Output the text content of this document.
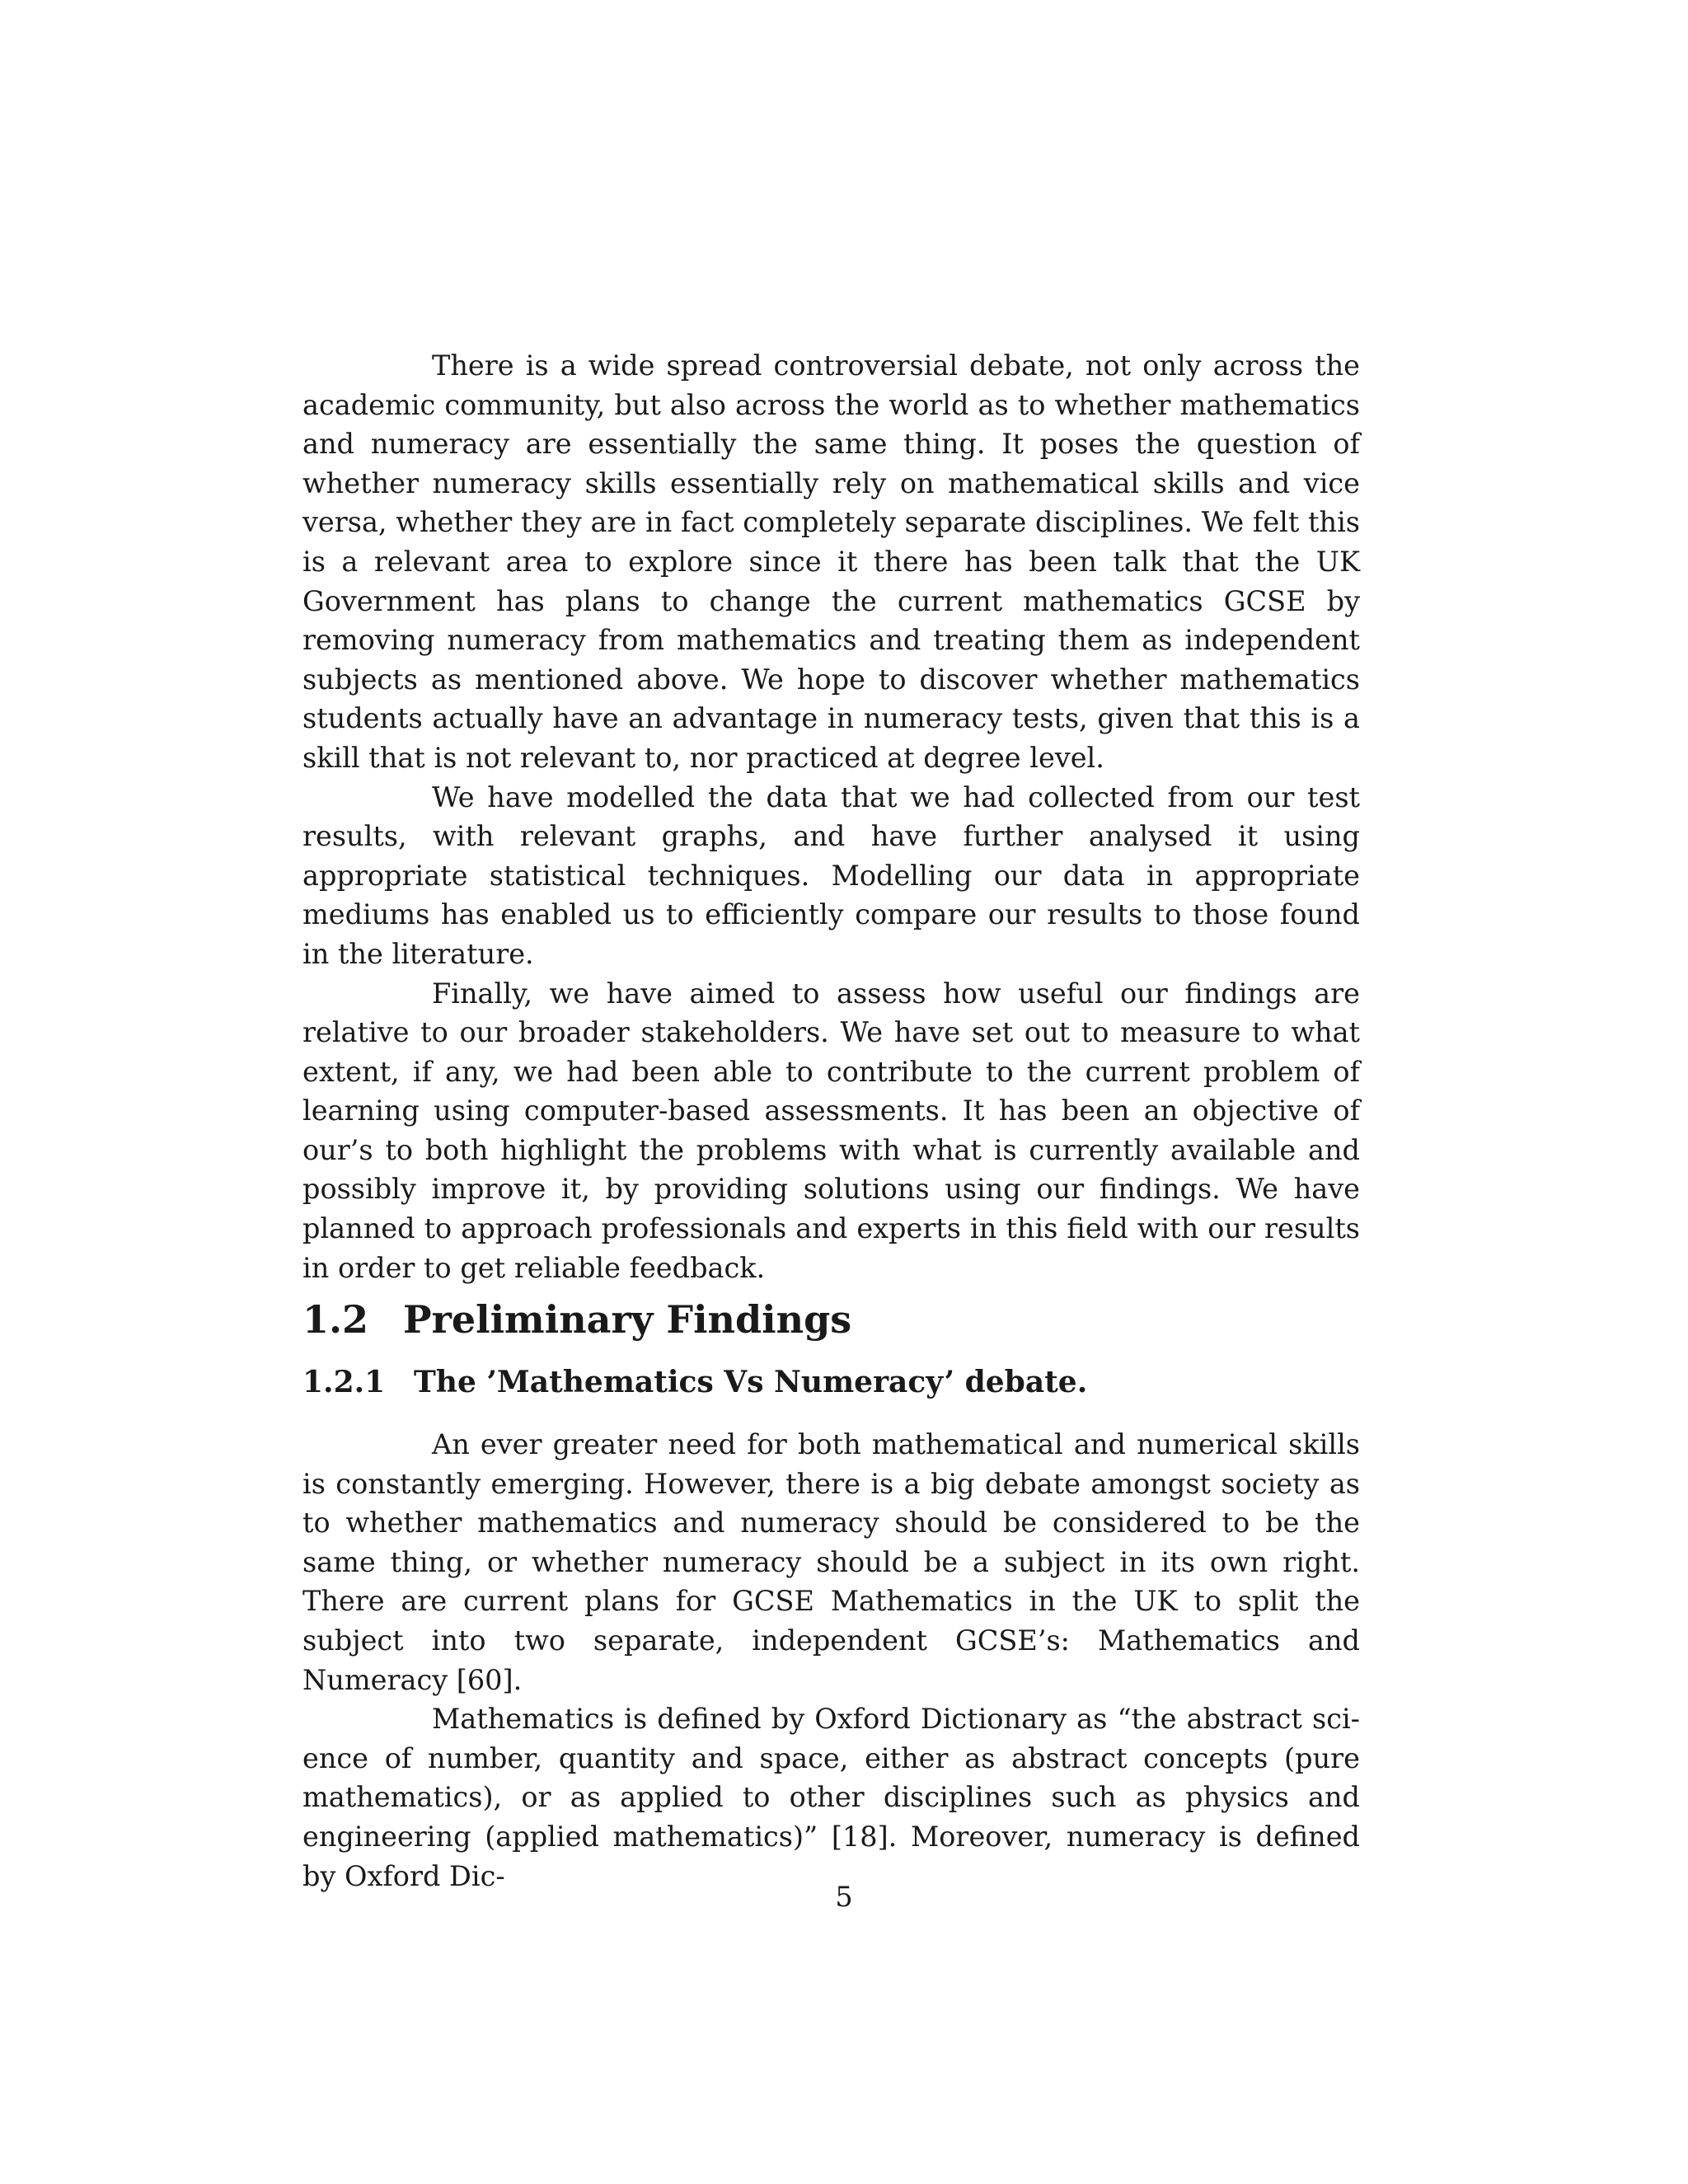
There is a wide spread controversial debate, not only across the academic community, but also across the world as to whether mathematics and numeracy are essentially the same thing. It poses the question of whether numeracy skills essentially rely on mathematical skills and vice versa, whether they are in fact completely separate disciplines. We felt this is a relevant area to explore since it there has been talk that the UK Government has plans to change the current mathematics GCSE by removing numeracy from mathematics and treating them as independent subjects as mentioned above. We hope to discover whether mathematics students actually have an advantage in numeracy tests, given that this is a skill that is not relevant to, nor practiced at degree level.

We have modelled the data that we had collected from our test results, with relevant graphs, and have further analysed it using appropriate statistical techniques. Modelling our data in appropriate mediums has enabled us to efficiently compare our results to those found in the literature.

Finally, we have aimed to assess how useful our findings are relative to our broader stakeholders. We have set out to measure to what extent, if any, we had been able to contribute to the current problem of learning using computer-based assessments. It has been an objective of our’s to both highlight the problems with what is currently available and possibly improve it, by providing solutions using our findings. We have planned to approach professionals and experts in this field with our results in order to get reliable feedback.

1.2 Preliminary Findings
1.2.1 The ’Mathematics Vs Numeracy’ debate.

An ever greater need for both mathematical and numerical skills is constantly emerging. However, there is a big debate amongst society as to whether mathematics and numeracy should be considered to be the same thing, or whether numeracy should be a subject in its own right. There are current plans for GCSE Mathematics in the UK to split the subject into two separate, independent GCSE’s: Mathematics and Numeracy [60].

Mathematics is defined by Oxford Dictionary as “the abstract science of number, quantity and space, either as abstract concepts (pure mathematics), or as applied to other disciplines such as physics and engineering (applied mathematics)” [18]. Moreover, numeracy is defined by Oxford Dic-

5
